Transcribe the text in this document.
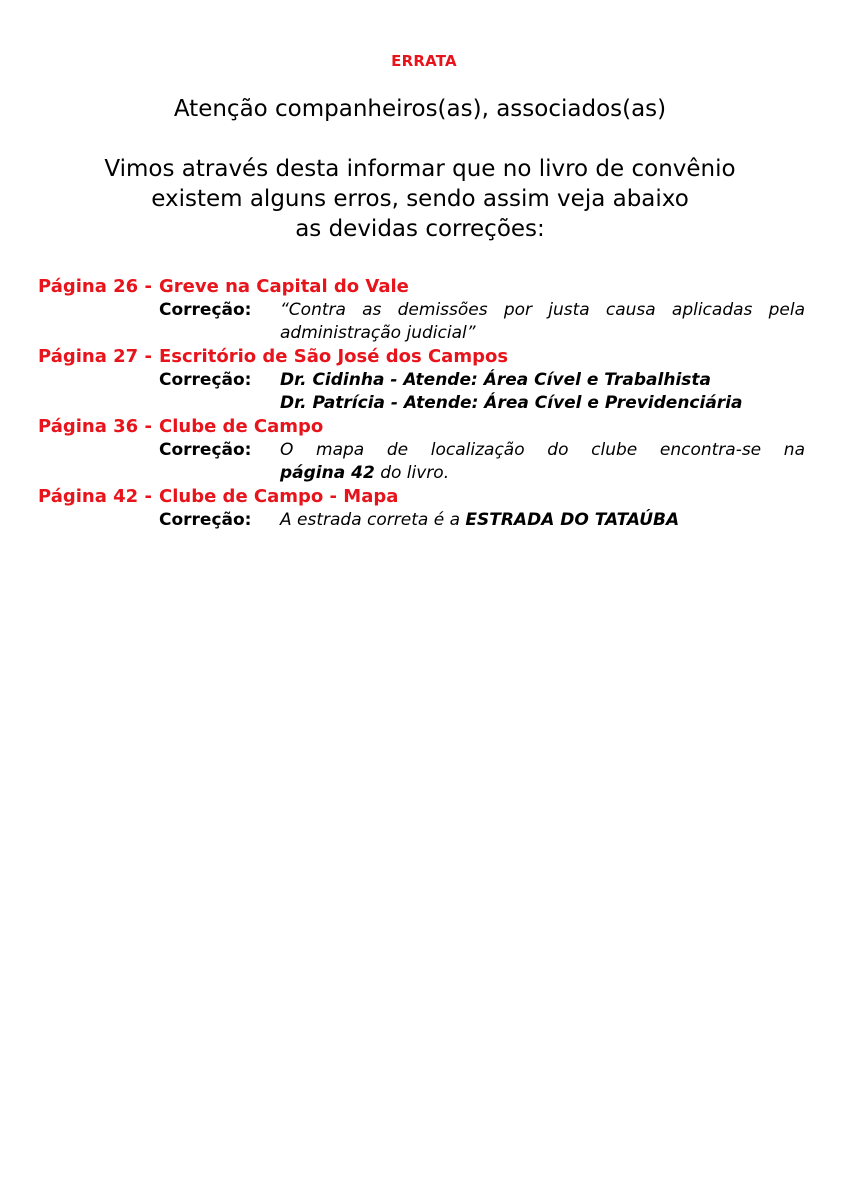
ERRATA
Atenção companheiros(as), associados(as)
Vimos através desta informar que no livro de convênio
existem alguns erros, sendo assim veja abaixo
as devidas correções:
Página 26 - Greve na Capital do Vale
Correção: “Contra as demissões por justa causa aplicadas pela
administração judicial”
Página 27 - Escritório de São José dos Campos
Correção: Dr. Cidinha - Atende: Área Cível e Trabalhista
Dr. Patrícia - Atende: Área Cível e Previdenciária
Página 36 - Clube de Campo
Correção: O mapa de localização do clube encontra-se na
página 42 do livro.
Página 42 - Clube de Campo - Mapa
Correção: A estrada correta é a ESTRADA DO TATAÚBA
